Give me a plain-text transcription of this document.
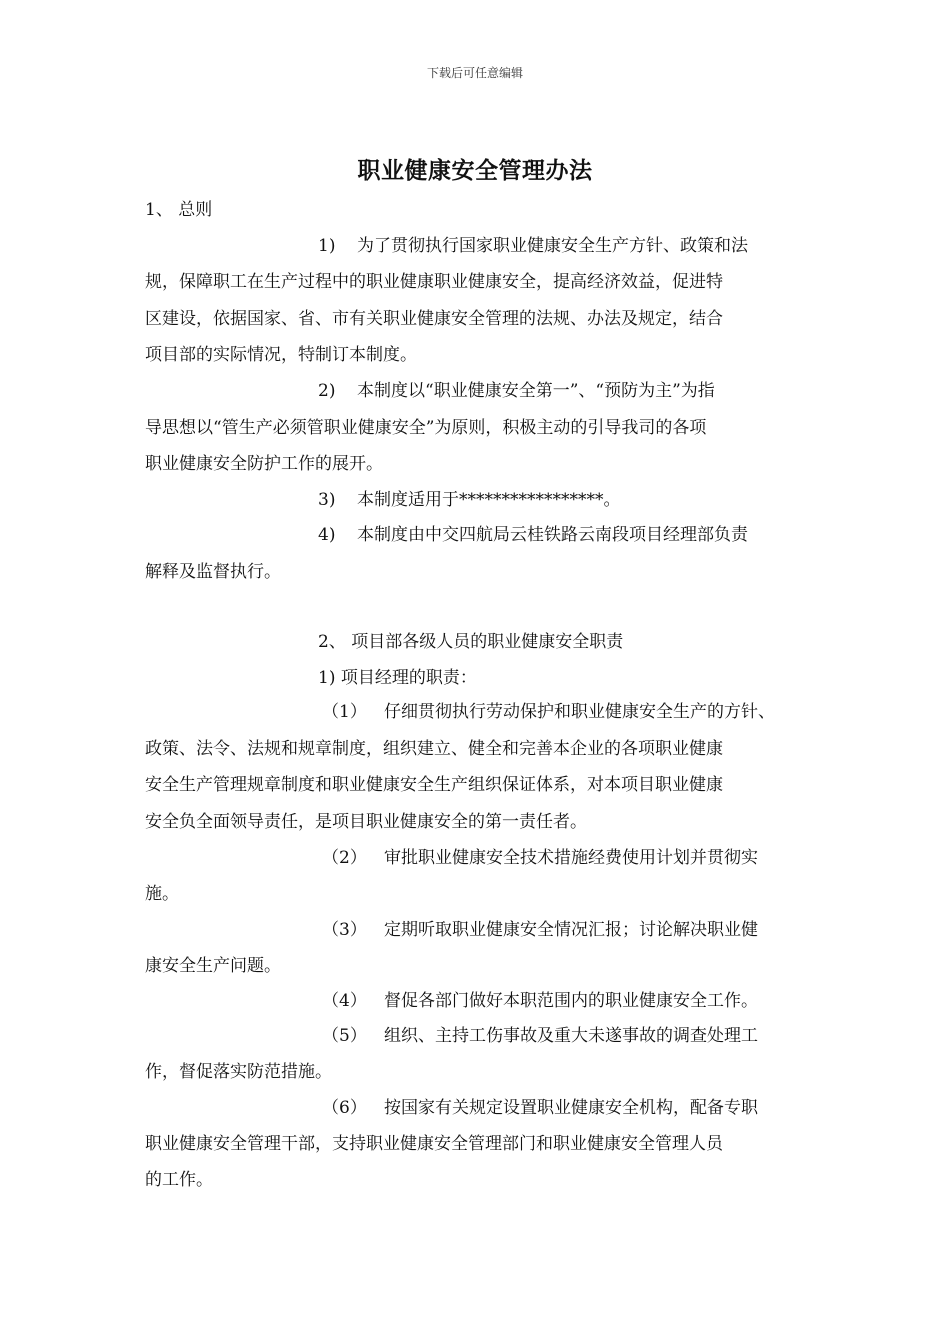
下载后可任意编辑
职业健康安全管理办法
1、 总则
1) 为了贯彻执行国家职业健康安全生产方针、政策和法
规，保障职工在生产过程中的职业健康职业健康安全，提高经济效益，促进特
区建设，依据国家、省、市有关职业健康安全管理的法规、办法及规定，结合
项目部的实际情况，特制订本制度。
2) 本制度以“职业健康安全第一”、“预防为主”为指
导思想以“管生产必须管职业健康安全”为原则，积极主动的引导我司的各项
职业健康安全防护工作的展开。
3) 本制度适用于*****************。
4) 本制度由中交四航局云桂铁路云南段项目经理部负责
解释及监督执行。
2、 项目部各级人员的职业健康安全职责
1) 项目经理的职责：
（1） 仔细贯彻执行劳动保护和职业健康安全生产的方针、
政策、法令、法规和规章制度，组织建立、健全和完善本企业的各项职业健康
安全生产管理规章制度和职业健康安全生产组织保证体系，对本项目职业健康
安全负全面领导责任，是项目职业健康安全的第一责任者。
（2） 审批职业健康安全技术措施经费使用计划并贯彻实
施。
（3） 定期听取职业健康安全情况汇报；讨论解决职业健
康安全生产问题。
（4） 督促各部门做好本职范围内的职业健康安全工作。
（5） 组织、主持工伤事故及重大未遂事故的调查处理工
作，督促落实防范措施。
（6） 按国家有关规定设置职业健康安全机构，配备专职
职业健康安全管理干部，支持职业健康安全管理部门和职业健康安全管理人员
的工作。
